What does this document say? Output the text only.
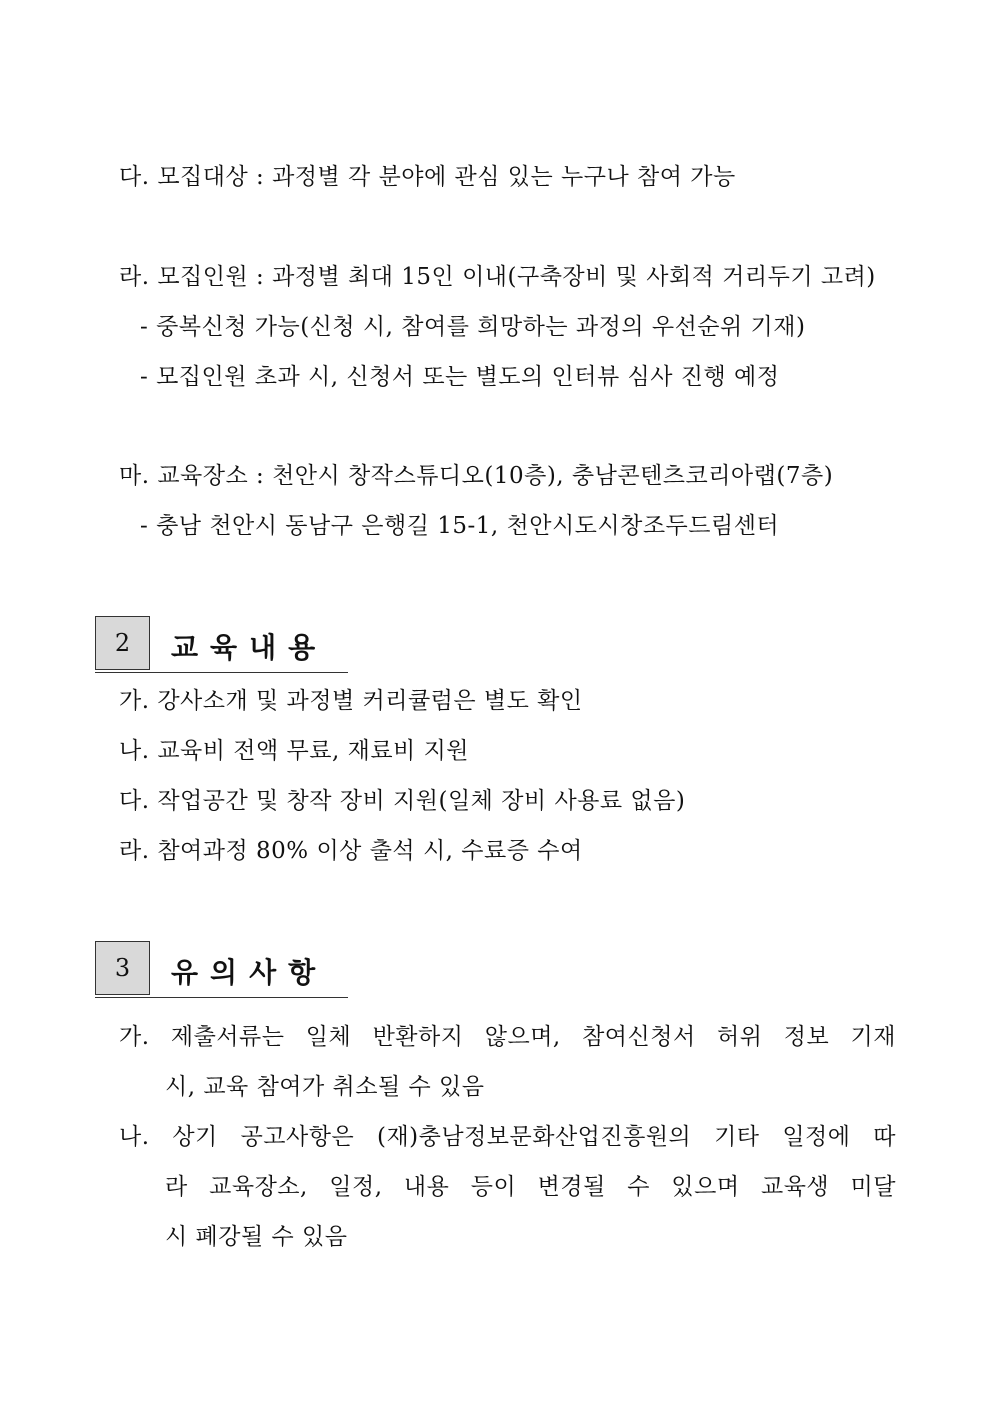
다. 모집대상 : 과정별 각 분야에 관심 있는 누구나 참여 가능
라. 모집인원 : 과정별 최대 15인 이내(구축장비 및 사회적 거리두기 고려)
- 중복신청 가능(신청 시, 참여를 희망하는 과정의 우선순위 기재)
- 모집인원 초과 시, 신청서 또는 별도의 인터뷰 심사 진행 예정
마. 교육장소 : 천안시 창작스튜디오(10층), 충남콘텐츠코리아랩(7층)
- 충남 천안시 동남구 은행길 15-1, 천안시도시창조두드림센터
2	교육내용
가. 강사소개 및 과정별 커리큘럼은 별도 확인
나. 교육비 전액 무료, 재료비 지원
다. 작업공간 및 창작 장비 지원(일체 장비 사용료 없음)
라. 참여과정 80% 이상 출석 시, 수료증 수여
3	유의사항
가. 제출서류는 일체 반환하지 않으며, 참여신청서 허위 정보 기재
시, 교육 참여가 취소될 수 있음
나. 상기 공고사항은 (재)충남정보문화산업진흥원의 기타 일정에 따
라 교육장소, 일정, 내용 등이 변경될 수 있으며 교육생 미달
시 폐강될 수 있음
